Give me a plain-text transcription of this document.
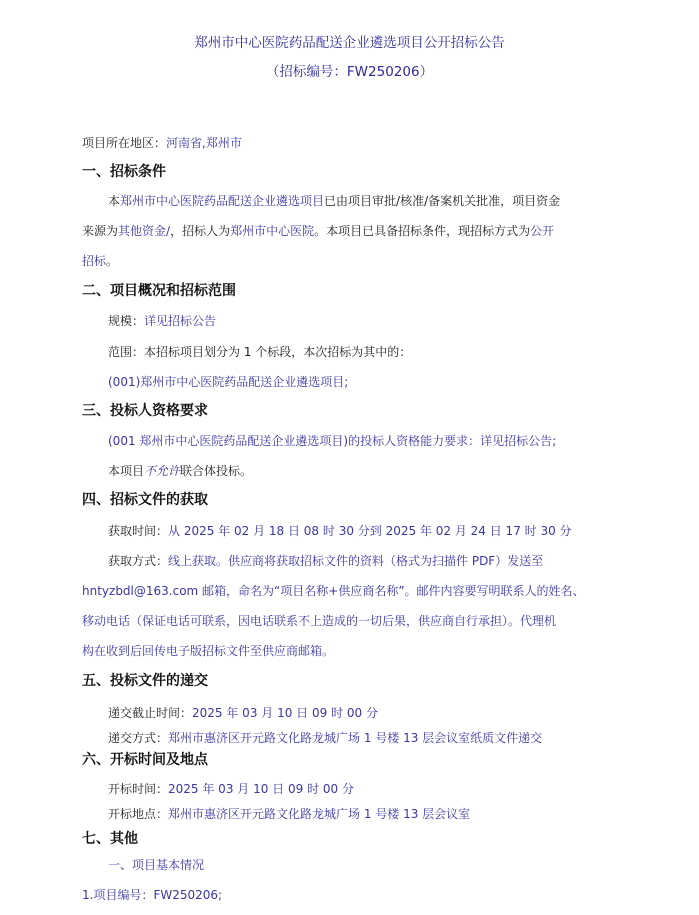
郑州市中心医院药品配送企业遴选项目公开招标公告
（招标编号：FW250206）
项目所在地区：河南省,郑州市
一、招标条件
本郑州市中心医院药品配送企业遴选项目已由项目审批/核准/备案机关批准，项目资金
来源为其他资金/，招标人为郑州市中心医院。本项目已具备招标条件，现招标方式为公开
招标。
二、项目概况和招标范围
规模：详见招标公告
范围：本招标项目划分为 1 个标段，本次招标为其中的：
(001)郑州市中心医院药品配送企业遴选项目;
三、投标人资格要求
(001 郑州市中心医院药品配送企业遴选项目)的投标人资格能力要求：详见招标公告;
本项目不允许联合体投标。
四、招标文件的获取
获取时间：从 2025 年 02 月 18 日 08 时 30 分到 2025 年 02 月 24 日 17 时 30 分
获取方式：线上获取。供应商将获取招标文件的资料（格式为扫描件 PDF）发送至
hntyzbdl@163.com 邮箱，命名为“项目名称+供应商名称”。邮件内容要写明联系人的姓名、
移动电话（保证电话可联系，因电话联系不上造成的一切后果，供应商自行承担）。代理机
构在收到后回传电子版招标文件至供应商邮箱。
五、投标文件的递交
递交截止时间：2025 年 03 月 10 日 09 时 00 分
递交方式：郑州市惠济区开元路文化路龙城广场 1 号楼 13 层会议室纸质文件递交
六、开标时间及地点
开标时间：2025 年 03 月 10 日 09 时 00 分
开标地点：郑州市惠济区开元路文化路龙城广场 1 号楼 13 层会议室
七、其他
一、项目基本情况
1.项目编号：FW250206;
